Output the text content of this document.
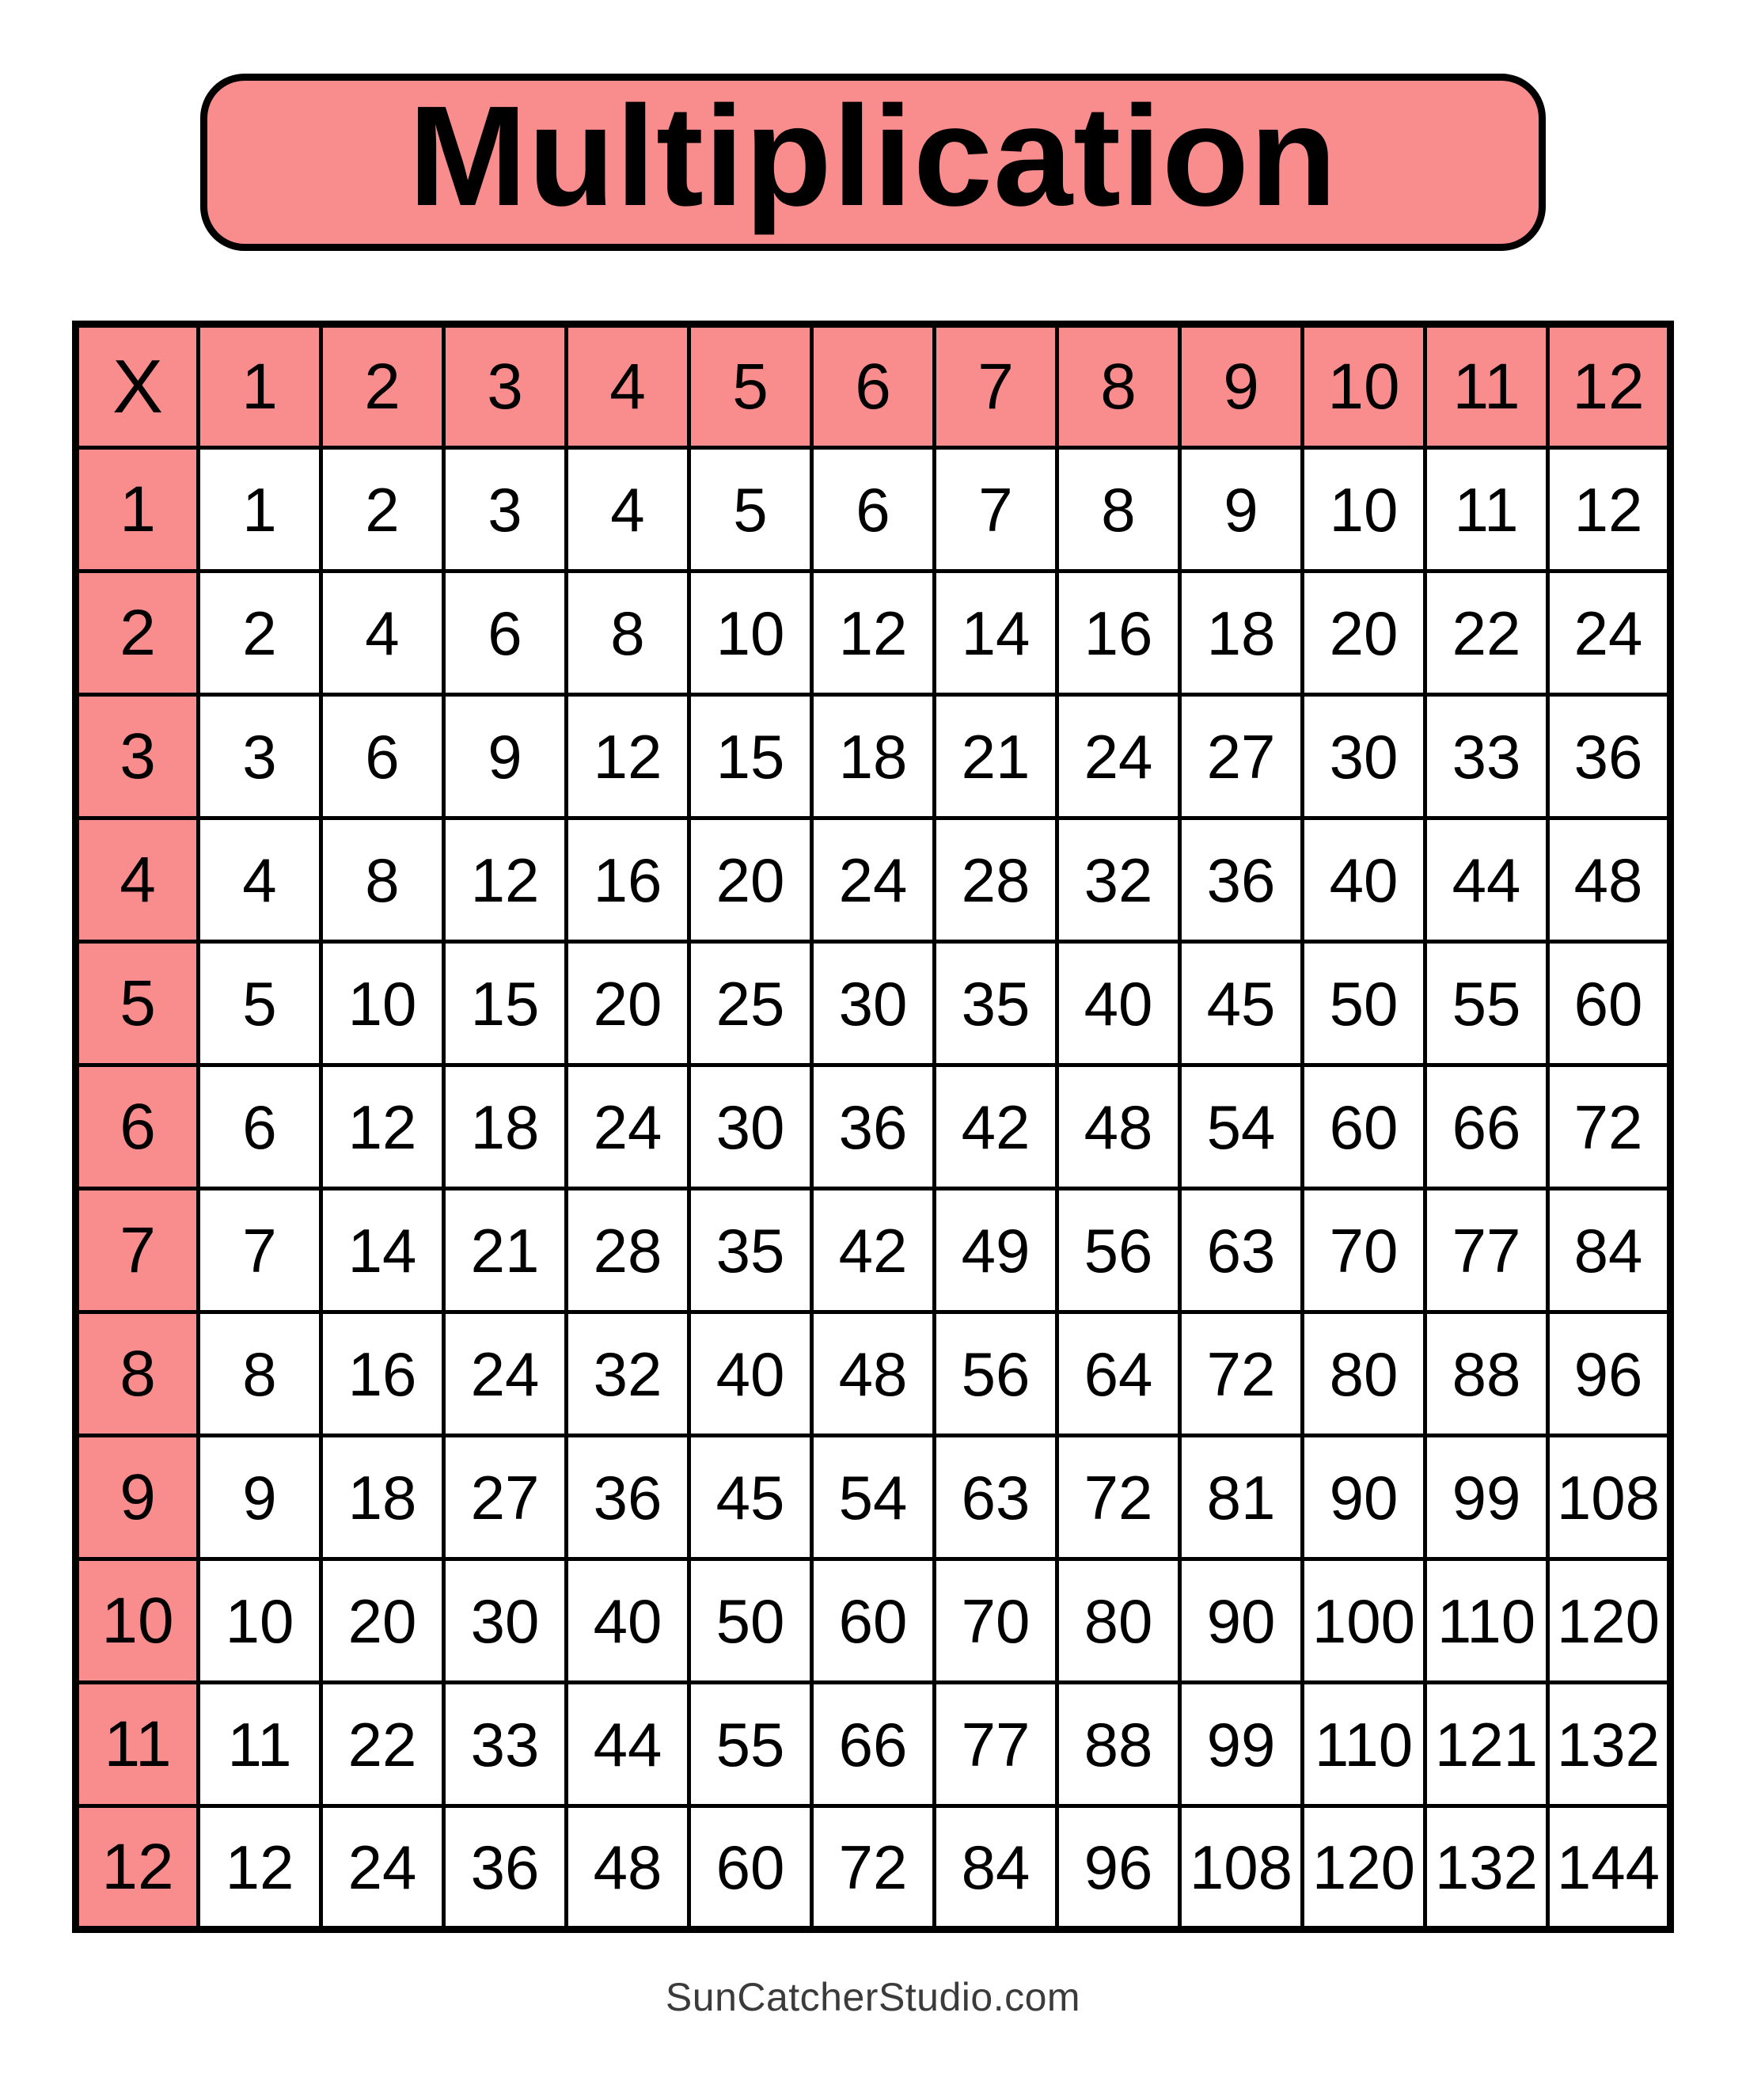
Multiplication
X	1	2	3	4	5	6	7	8	9	10	11	12
1	1	2	3	4	5	6	7	8	9	10	11	12
2	2	4	6	8	10	12	14	16	18	20	22	24
3	3	6	9	12	15	18	21	24	27	30	33	36
4	4	8	12	16	20	24	28	32	36	40	44	48
5	5	10	15	20	25	30	35	40	45	50	55	60
6	6	12	18	24	30	36	42	48	54	60	66	72
7	7	14	21	28	35	42	49	56	63	70	77	84
8	8	16	24	32	40	48	56	64	72	80	88	96
9	9	18	27	36	45	54	63	72	81	90	99	108
10	10	20	30	40	50	60	70	80	90	100	110	120
11	11	22	33	44	55	66	77	88	99	110	121	132
12	12	24	36	48	60	72	84	96	108	120	132	144
SunCatcherStudio.com
